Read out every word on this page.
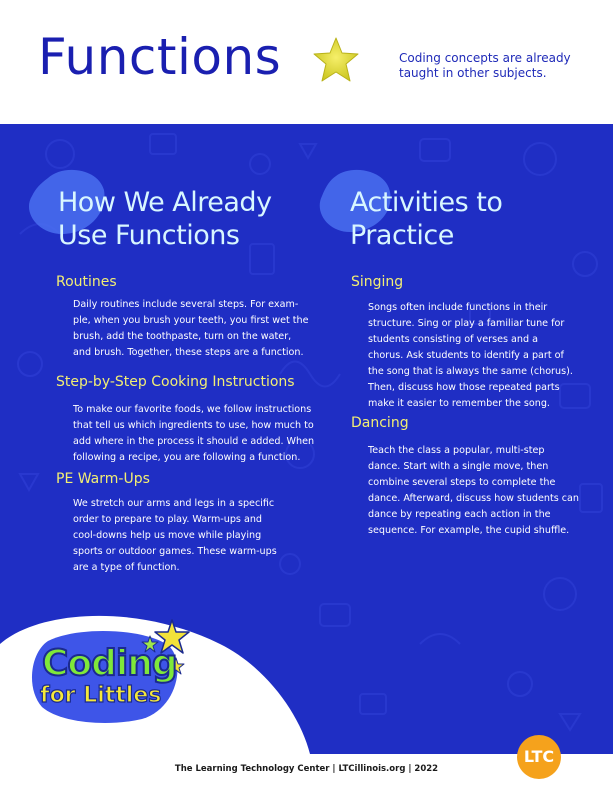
Functions	Coding concepts are already taught in other subjects.
How We Already
Use Functions
Routines
Daily routines include several steps. For exam-
ple, when you brush your teeth, you first wet the
brush, add the toothpaste, turn on the water,
and brush. Together, these steps are a function.
Step-by-Step Cooking Instructions
To make our favorite foods, we follow instructions
that tell us which ingredients to use, how much to
add where in the process it should e added. When
following a recipe, you are following a function.
PE Warm-Ups
We stretch our arms and legs in a specific
order to prepare to play. Warm-ups and
cool-downs help us move while playing
sports or outdoor games. These warm-ups
are a type of function.
Activities to
Practice
Singing
Songs often include functions in their
structure. Sing or play a familiar tune for
students consisting of verses and a
chorus. Ask students to identify a part of
the song that is always the same (chorus).
Then, discuss how those repeated parts
make it easier to remember the song.
Dancing
Teach the class a popular, multi-step
dance. Start with a single move, then
combine several steps to complete the
dance. Afterward, discuss how students can
dance by repeating each action in the
sequence. For example, the cupid shuffle.
Coding
for Littles
The Learning Technology Center | LTCillinois.org | 2022
LTC
